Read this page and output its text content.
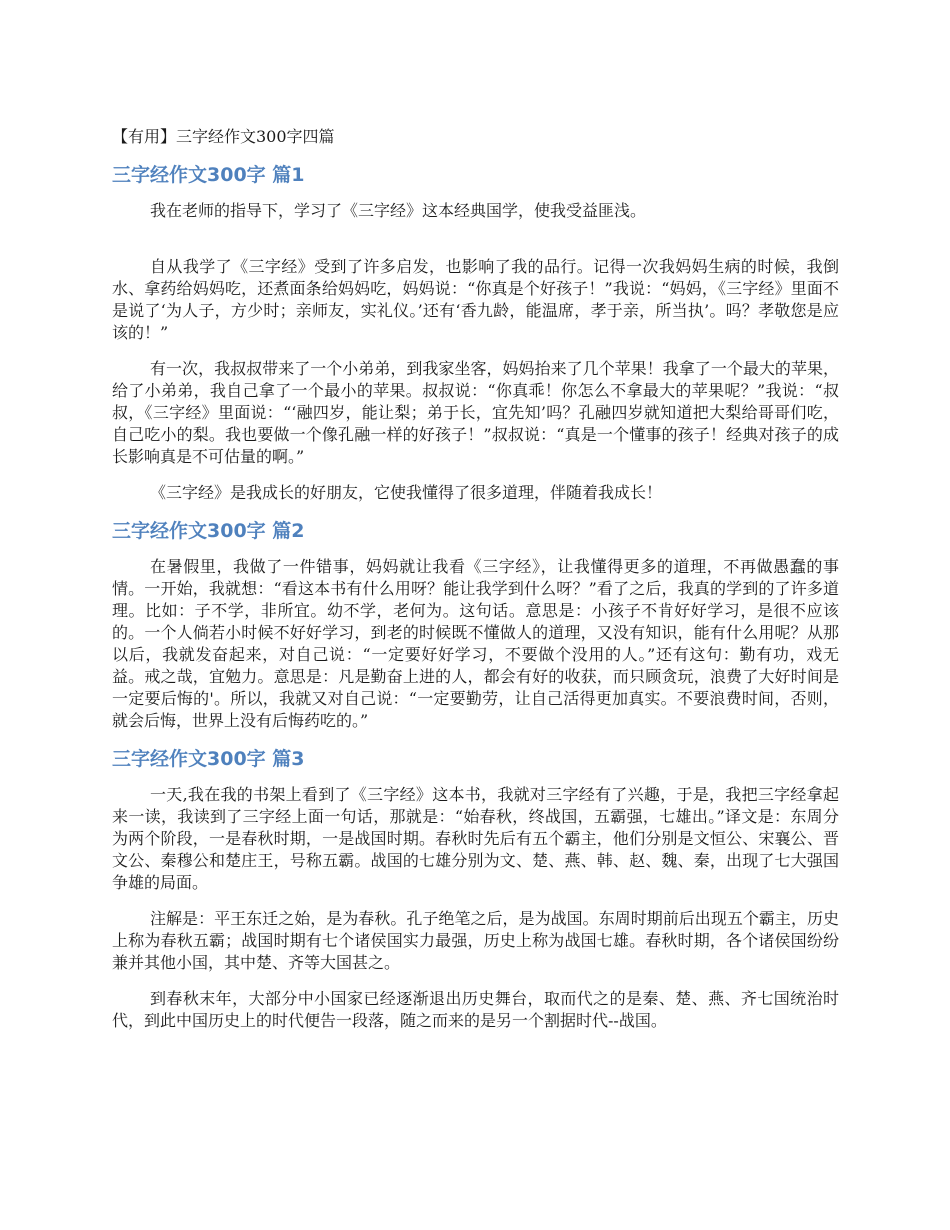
【有用】三字经作文300字四篇
三字经作文300字 篇1

我在老师的指导下，学习了《三字经》这本经典国学，使我受益匪浅。

自从我学了《三字经》受到了许多启发，也影响了我的品行。记得一次我妈妈生病的时候，我倒水、拿药给妈妈吃，还煮面条给妈妈吃，妈妈说：“你真是个好孩子！”我说：“妈妈，《三字经》里面不是说了‘为人子，方少时；亲师友，实礼仪。’还有‘香九龄，能温席，孝于亲，所当执’。吗？孝敬您是应该的！”

有一次，我叔叔带来了一个小弟弟，到我家坐客，妈妈抬来了几个苹果！我拿了一个最大的苹果，给了小弟弟，我自己拿了一个最小的苹果。叔叔说：“你真乖！你怎么不拿最大的苹果呢？”我说：“叔叔，《三字经》里面说：“‘融四岁，能让梨；弟于长，宜先知’吗？孔融四岁就知道把大梨给哥哥们吃，自己吃小的梨。我也要做一个像孔融一样的好孩子！”叔叔说：“真是一个懂事的孩子！经典对孩子的成长影响真是不可估量的啊。”

《三字经》是我成长的好朋友，它使我懂得了很多道理，伴随着我成长！

三字经作文300字 篇2

在暑假里，我做了一件错事，妈妈就让我看《三字经》，让我懂得更多的道理，不再做愚蠢的事情。一开始，我就想：“看这本书有什么用呀？能让我学到什么呀？”看了之后，我真的学到的了许多道理。比如：子不学，非所宜。幼不学，老何为。这句话。意思是：小孩子不肯好好学习，是很不应该的。一个人倘若小时候不好好学习，到老的时候既不懂做人的道理，又没有知识，能有什么用呢？从那以后，我就发奋起来，对自己说：“一定要好好学习，不要做个没用的人。”还有这句：勤有功，戏无益。戒之哉，宜勉力。意思是：凡是勤奋上进的人，都会有好的收获，而只顾贪玩，浪费了大好时间是一定要后悔的'。所以，我就又对自己说：“一定要勤劳，让自己活得更加真实。不要浪费时间，否则，就会后悔，世界上没有后悔药吃的。”

三字经作文300字 篇3

一天,我在我的书架上看到了《三字经》这本书，我就对三字经有了兴趣，于是，我把三字经拿起来一读，我读到了三字经上面一句话，那就是：“始春秋，终战国，五霸强，七雄出。”译文是：东周分为两个阶段，一是春秋时期，一是战国时期。春秋时先后有五个霸主，他们分别是文恒公、宋襄公、晋文公、秦穆公和楚庄王，号称五霸。战国的七雄分别为文、楚、燕、韩、赵、魏、秦，出现了七大强国争雄的局面。

注解是：平王东迁之始，是为春秋。孔子绝笔之后，是为战国。东周时期前后出现五个霸主，历史上称为春秋五霸；战国时期有七个诸侯国实力最强，历史上称为战国七雄。春秋时期，各个诸侯国纷纷兼并其他小国，其中楚、齐等大国甚之。

到春秋末年，大部分中小国家已经逐渐退出历史舞台，取而代之的是秦、楚、燕、齐七国统治时代，到此中国历史上的时代便告一段落，随之而来的是另一个割据时代--战国。
